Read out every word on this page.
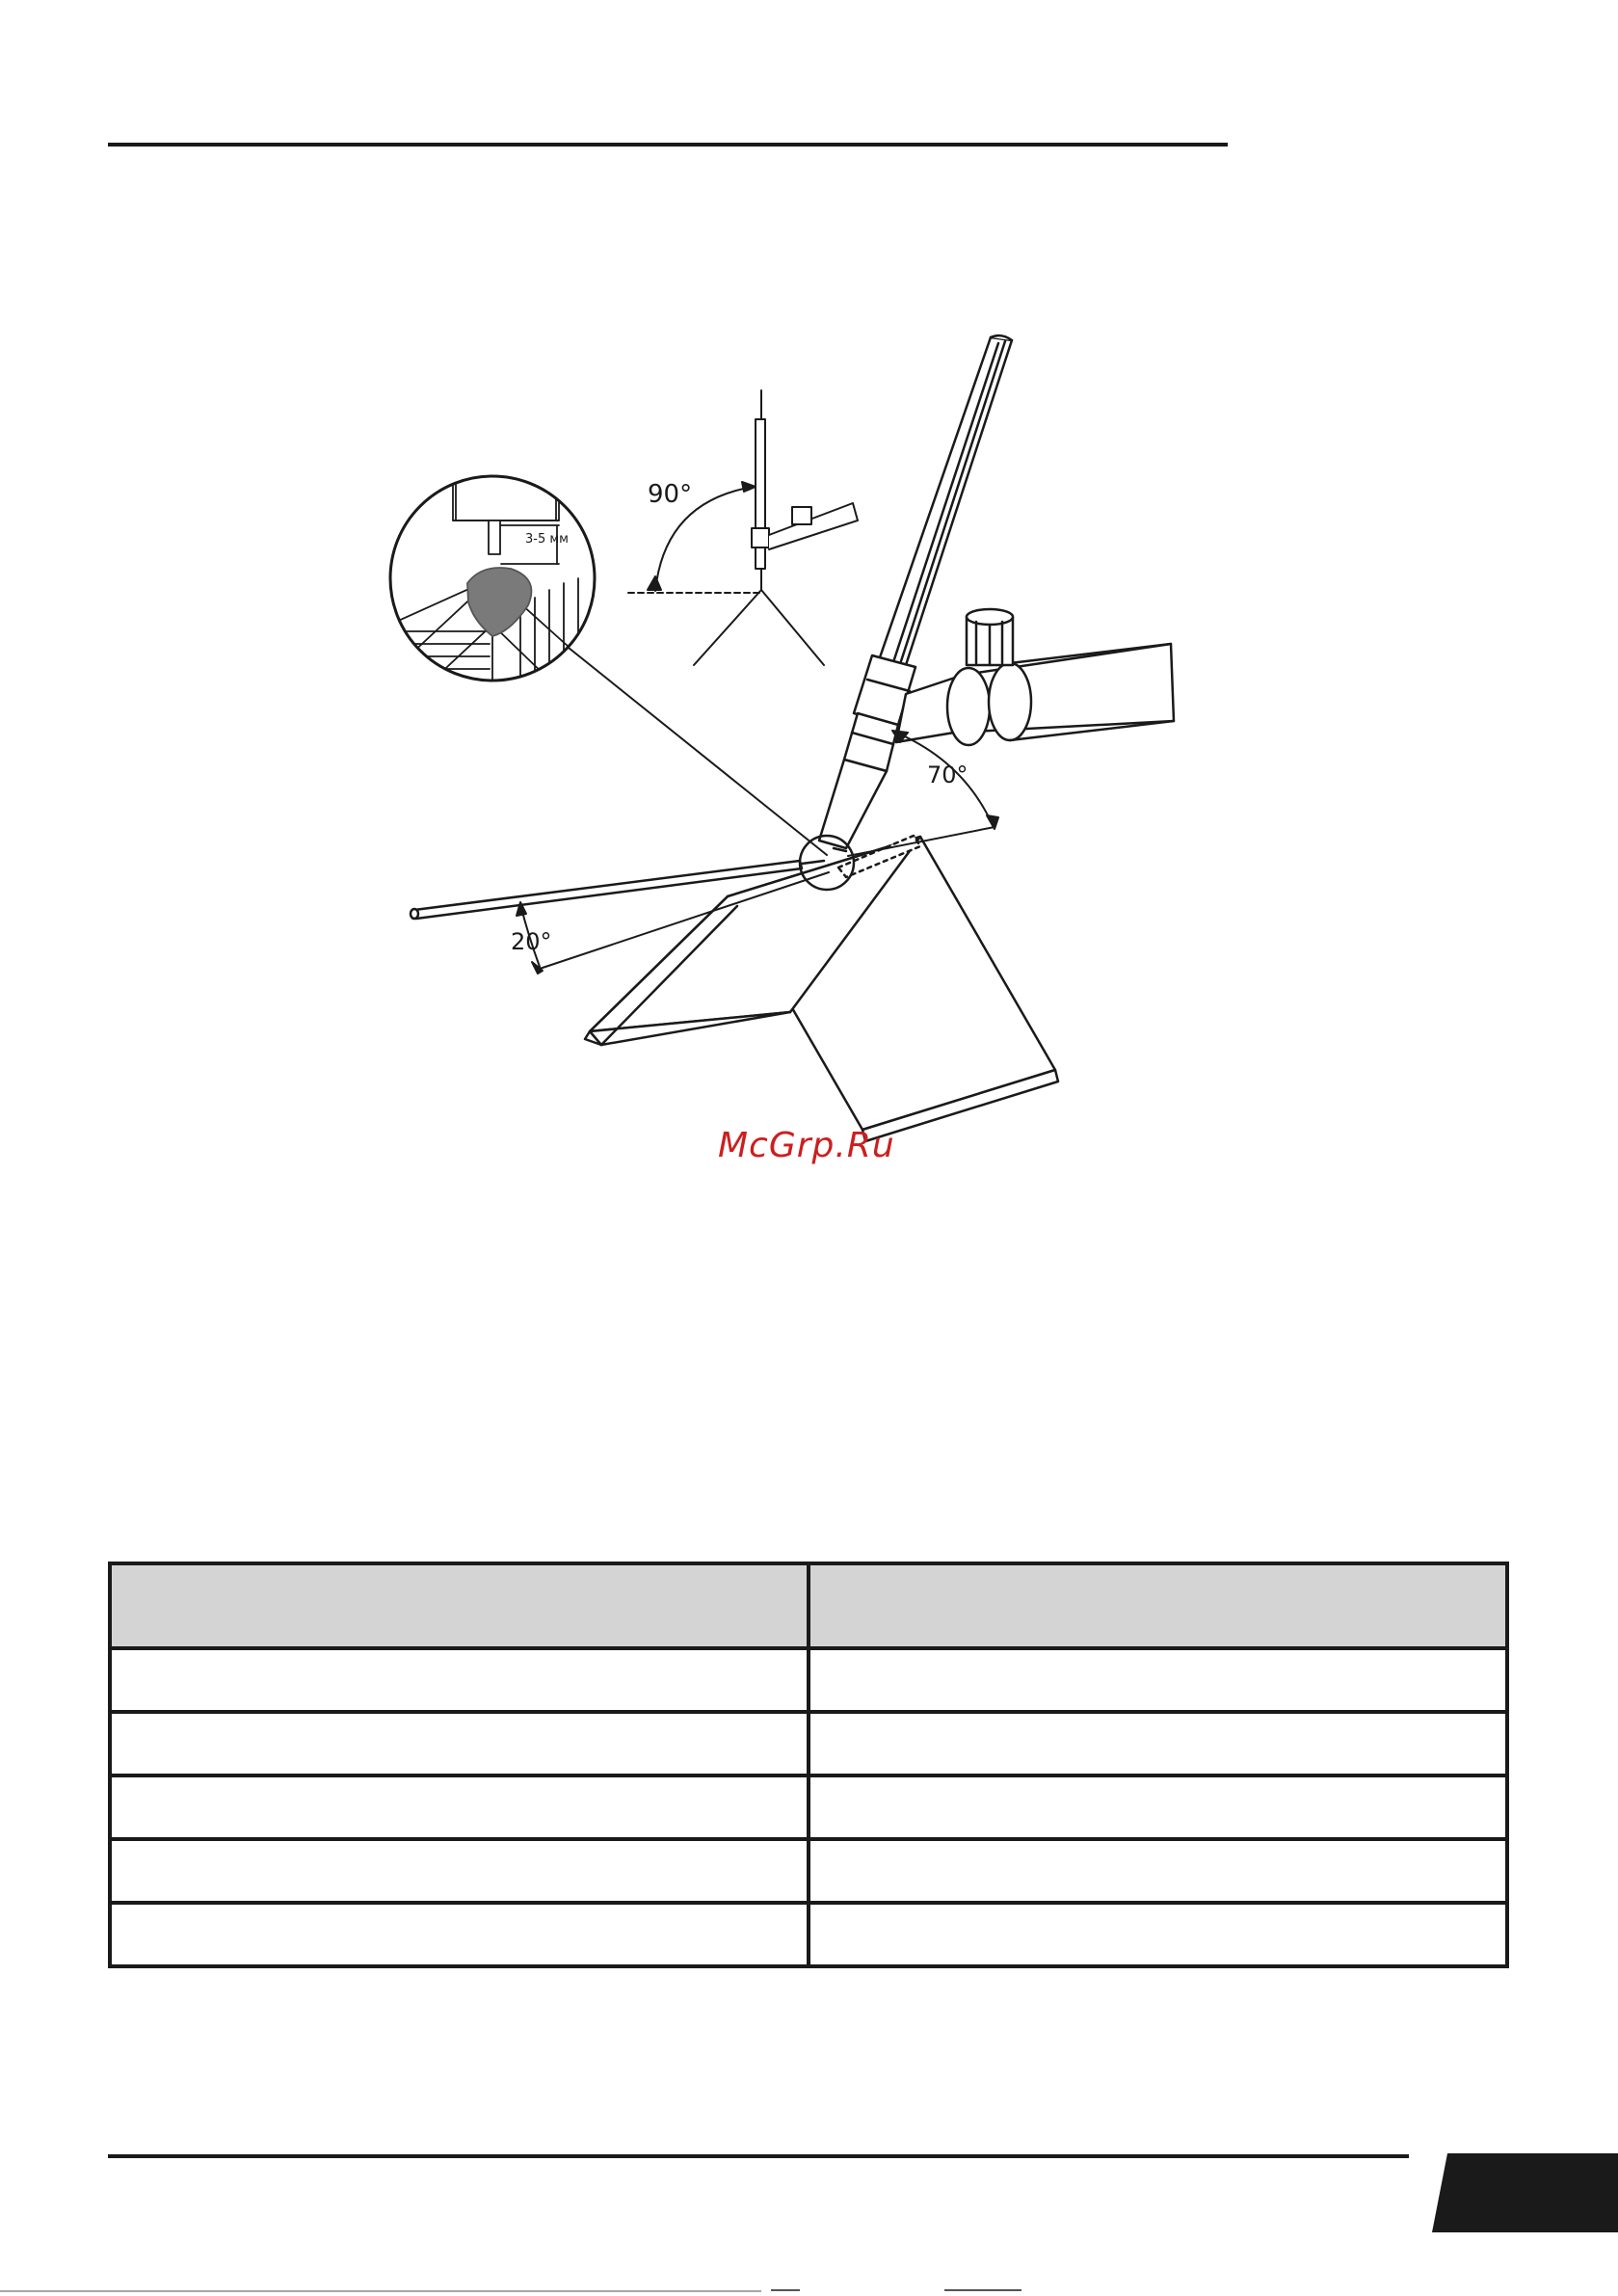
90°
70°
20°
3-5 мм
McGrp.Ru
